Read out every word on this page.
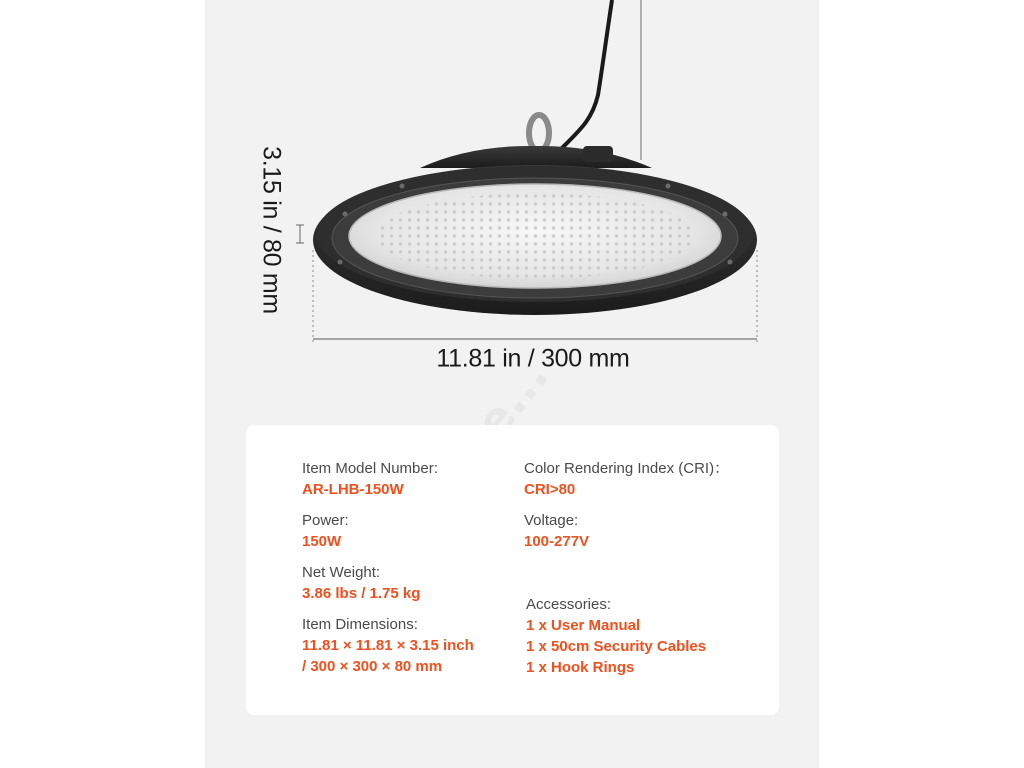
3.15 in / 80 mm
11.81 in / 300 mm
Item Model Number:
AR-LHB-150W
Power:
150W
Net Weight:
3.86 lbs / 1.75 kg
Item Dimensions:
11.81 × 11.81 × 3.15 inch
/ 300 × 300 × 80 mm
Color Rendering Index (CRI)：
CRI>80
Voltage:
100-277V
Accessories:
1 x User Manual
1 x 50cm Security Cables
1 x Hook Rings
